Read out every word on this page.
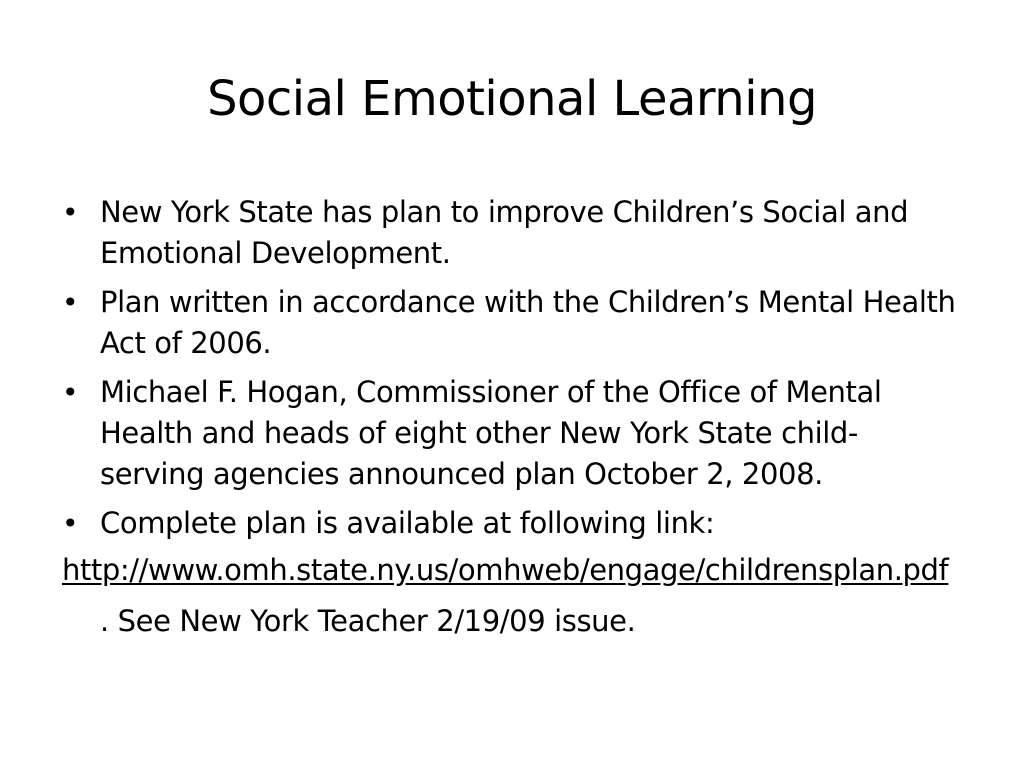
Social Emotional Learning
• New York State has plan to improve Children’s Social and Emotional Development.
• Plan written in accordance with the Children’s Mental Health Act of 2006.
• Michael F. Hogan, Commissioner of the Office of Mental Health and heads of eight other New York State child-serving agencies announced plan October 2, 2008.
• Complete plan is available at following link:
http://www.omh.state.ny.us/omhweb/engage/childrensplan.pdf
. See New York Teacher 2/19/09 issue.
